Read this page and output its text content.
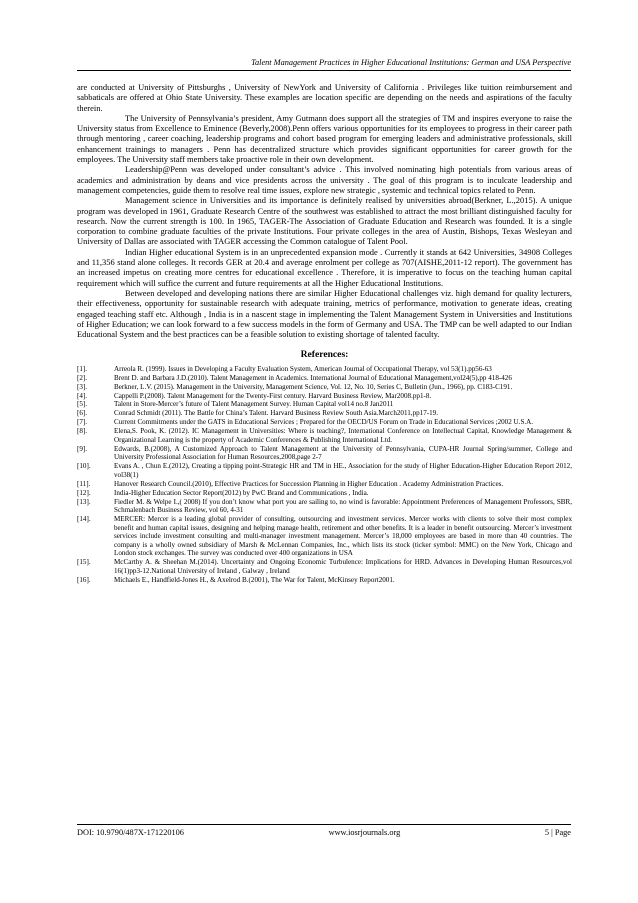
Talent Management Practices in Higher Educational Institutions: German and USA Perspective

are conducted at University of Pittsburghs , University of NewYork and University of California . Privileges like tuition reimbursement and sabbaticals are offered at Ohio State University. These examples are location specific are depending on the needs and aspirations of the faculty therein.

The University of Pennsylvania’s president, Amy Gutmann does support all the strategies of TM and inspires everyone to raise the University status from Excellence to Eminence (Beverly,2008).Penn offers various opportunities for its employees to progress in their career path through mentoring , career coaching, leadership programs and cohort based program for emerging leaders and administrative professionals, skill enhancement trainings to managers . Penn has decentralized structure which provides significant opportunities for career growth for the employees. The University staff members take proactive role in their own development.

Leadership@Penn was developed under consultant’s advice . This involved nominating high potentials from various areas of academics and administration by deans and vice presidents across the university . The goal of this program is to inculcate leadership and management competencies, guide them to resolve real time issues, explore new strategic , systemic and technical topics related to Penn.

Management science in Universities and its importance is definitely realised by universities abroad(Berkner, L.,2015). A unique program was developed in 1961, Graduate Research Centre of the southwest was established to attract the most brilliant distinguished faculty for research. Now the current strength is 100. In 1965, TAGER-The Association of Graduate Education and Research was founded. It is a single corporation to combine graduate faculties of the private Institutions. Four private colleges in the area of Austin, Bishops, Texas Wesleyan and University of Dallas are associated with TAGER accessing the Common catalogue of Talent Pool.

Indian Higher educational System is in an unprecedented expansion mode . Currently it stands at 642 Universities, 34908 Colleges and 11,356 stand alone colleges. It records GER at 20.4 and average enrolment per college as 707(AISHE,2011-12 report). The government has an increased impetus on creating more centres for educational excellence . Therefore, it is imperative to focus on the teaching human capital requirement which will suffice the current and future requirements at all the Higher Educational Institutions.

Between developed and developing nations there are similar Higher Educational challenges viz. high demand for quality lecturers, their effectiveness, opportunity for sustainable research with adequate training, metrics of performance, motivation to generate ideas, creating engaged teaching staff etc. Although , India is in a nascent stage in implementing the Talent Management System in Universities and Institutions of Higher Education; we can look forward to a few success models in the form of Germany and USA. The TMP can be well adapted to our Indian Educational System and the best practices can be a feasible solution to existing shortage of talented faculty.

References:
[1].	Arreola R. (1999). Issues in Developing a Faculty Evaluation System, American Journal of Occupational Therapy, vol 53(1).pp56-63
[2].	Brent D. and Barbara J.D.(2010). Talent Management in Academics. International Journal of Educational Management,vol24(5),pp 418-426
[3].	Berkner, L.V. (2015). Management in the University, Management Science, Vol. 12, No. 10, Series C, Bulletin (Jun., 1966), pp. C183-C191.
[4].	Cappelli P.(2008). Talent Management for the Twenty-First century. Harvard Business Review, Mar2008.pp1-8.
[5].	Talent in Store-Mercer’s future of Talent Management Survey. Human Capital vol14 no.8 Jan2011
[6].	Conrad Schmidt (2011). The Battle for China’s Talent. Harvard Business Review South Asia.March2011,pp17-19.
[7].	Current Commitments under the GATS in Educational Services ; Prepared for the OECD/US Forum on Trade in Educational Services ;2002 U.S.A.
[8].	Elena,S. Pook, K. (2012). IC Management in Universities: Where is teaching?, International Conference on Intellectual Capital, Knowledge Management & Organizational Learning is the property of Academic Conferences & Publishing International Ltd.
[9].	Edwards, B.(2008), A Customized Approach to Talent Management at the University of Pennsylvania, CUPA-HR Journal Spring/summer, College and University Professional Association for Human Resources,2008,page 2-7
[10].	Evans A. , Chun E.(2012), Creating a tipping point-Strategic HR and TM in HE., Association for the study of Higher Education-Higher Education Report 2012, vol38(1)
[11].	Hanover Research Council.(2010), Effective Practices for Succession Planning in Higher Education . Academy Administration Practices.
[12].	India-Higher Education Sector Report(2012) by PwC Brand and Communications , India.
[13].	Fiedler M. & Welpe I.,( 2008) If you don’t know what port you are sailing to, no wind is favorable: Appointment Preferences of Management Professors, SBR, Schmalenbach Business Review, vol 60, 4-31
[14].	MERCER: Mercer is a leading global provider of consulting, outsourcing and investment services. Mercer works with clients to solve their most complex benefit and human capital issues, designing and helping manage health, retirement and other benefits. It is a leader in benefit outsourcing. Mercer’s investment services include investment consulting and multi-manager investment management. Mercer’s 18,000 employees are based in more than 40 countries. The company is a wholly owned subsidiary of Marsh & McLennan Companies, Inc., which lists its stock (ticker symbol: MMC) on the New York, Chicago and London stock exchanges. The survey was conducted over 400 organizations in USA
[15].	McCarthy A. & Sheehan M.(2014). Uncertainty and Ongoing Economic Turbulence: Implications for HRD. Advances in Developing Human Resources,vol 16(1)pp3-12.National University of Ireland , Galway , Ireland
[16].	Michaels E., Handfield-Jones H., & Axelrod B.(2001), The War for Talent, McKinsey Report2001.
DOI: 10.9790/487X-171220106	www.iosrjournals.org	5 | Page
